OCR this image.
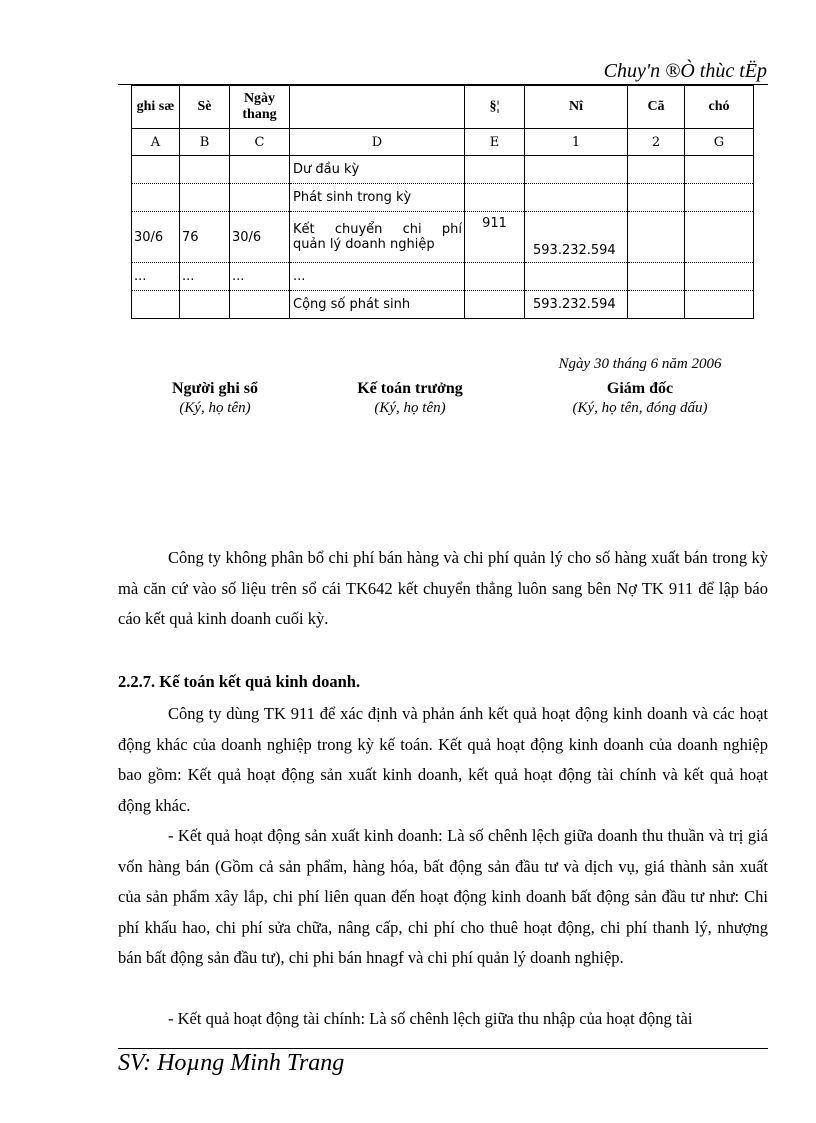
Chuy'n ®Ò thùc tËp
ghi sæ	Sè	Ngày thang		§¦	Nî	Cã	chó
A	B	C	D	E	1	2	G
			Dư đầu kỳ				
			Phát sinh trong kỳ				
30/6	76	30/6	Kết chuyển chi phí
quản lý doanh nghiệp	911	593.232.594		
...	...	...	...				
			Cộng số phát sinh		593.232.594		
Ngày 30 tháng 6 năm 2006
Người ghi sổ
(Ký, họ tên)
Kế toán trưởng
(Ký, họ tên)
Giám đốc
(Ký, họ tên, đóng dấu)

Công ty không phân bổ chi phí bán hàng và chi phí quản lý cho số hàng xuất bán trong kỳ mà căn cứ vào số liệu trên sổ cái TK642 kết chuyển thẳng luôn sang bên Nợ TK 911 để lập báo cáo kết quả kinh doanh cuối kỳ.

2.2.7. Kế toán kết quả kinh doanh.

Công ty dùng TK 911 để xác định và phản ánh kết quả hoạt động kinh doanh và các hoạt động khác của doanh nghiệp trong kỳ kế toán. Kết quả hoạt động kinh doanh của doanh nghiệp bao gồm: Kết quả hoạt động sản xuất kinh doanh, kết quả hoạt động tài chính và kết quả hoạt động khác.

- Kết quả hoạt động sản xuất kinh doanh: Là số chênh lệch giữa doanh thu thuần và trị giá vốn hàng bán (Gồm cả sản phẩm, hàng hóa, bất động sản đầu tư và dịch vụ, giá thành sản xuất của sản phẩm xây lắp, chi phí liên quan đến hoạt động kinh doanh bất động sản đầu tư như: Chi phí khấu hao, chi phí sửa chữa, nâng cấp, chi phí cho thuê hoạt động, chi phí thanh lý, nhượng bán bất động sản đầu tư), chi phi bán hnagf và chi phí quản lý doanh nghiệp.

- Kết quả hoạt động tài chính: Là số chênh lệch giữa thu nhập của hoạt động tài

SV: Hoµng Minh Trang
